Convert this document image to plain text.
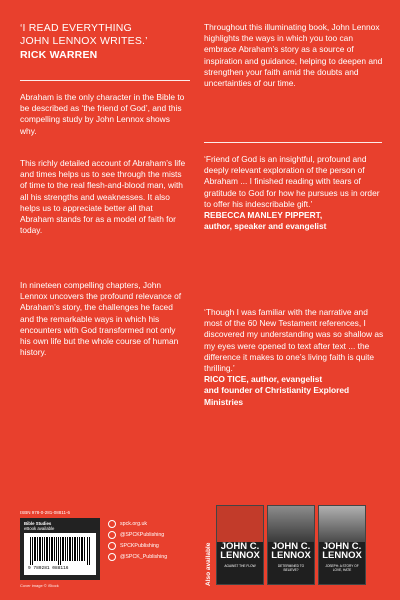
‘I READ EVERYTHING
JOHN LENNOX WRITES.’
RICK WARREN

Abraham is the only character in the Bible to be described as ‘the friend of God’, and this compelling study by John Lennox shows why.

This richly detailed account of Abraham’s life and times helps us to see through the mists of time to the real flesh-and-blood man, with all his strengths and weaknesses. It also helps us to appreciate better all that Abraham stands for as a model of faith for today.

In nineteen compelling chapters, John Lennox uncovers the profound relevance of Abraham’s story, the challenges he faced and the remarkable ways in which his encounters with God transformed not only his own life but the whole course of human history.

Throughout this illuminating book, John Lennox highlights the ways in which you too can embrace Abraham’s story as a source of inspiration and guidance, helping to deepen and strengthen your faith amid the doubts and uncertainties of our time.

‘Friend of God is an insightful, profound and deeply relevant exploration of the person of Abraham ... I finished reading with tears of gratitude to God for how he pursues us in order to offer his indescribable gift.’

REBECCA MANLEY PIPPERT,
author, speaker and evangelist

‘Though I was familiar with the narrative and most of the 60 New Testament references, I discovered my understanding was so shallow as my eyes were opened to text after text ... the difference it makes to one’s living faith is quite thrilling.’

RICO TICE, author, evangelist
and founder of Christianity Explored Ministries
Bible Studies
eBook available
9 780281 088116
ISBN 978-0-281-08811-6
Cover image © iStock
spck.org.uk
@SPCKPublishing
SPCKPublishing
@SPCK_Publishing	Also available JOHN C. LENNOX
AGAINST THE FLOW
JOHN C. LENNOX
DETERMINED TO BELIEVE?
JOHN C. LENNOX
JOSEPH: A STORY OF LOVE, HATE
